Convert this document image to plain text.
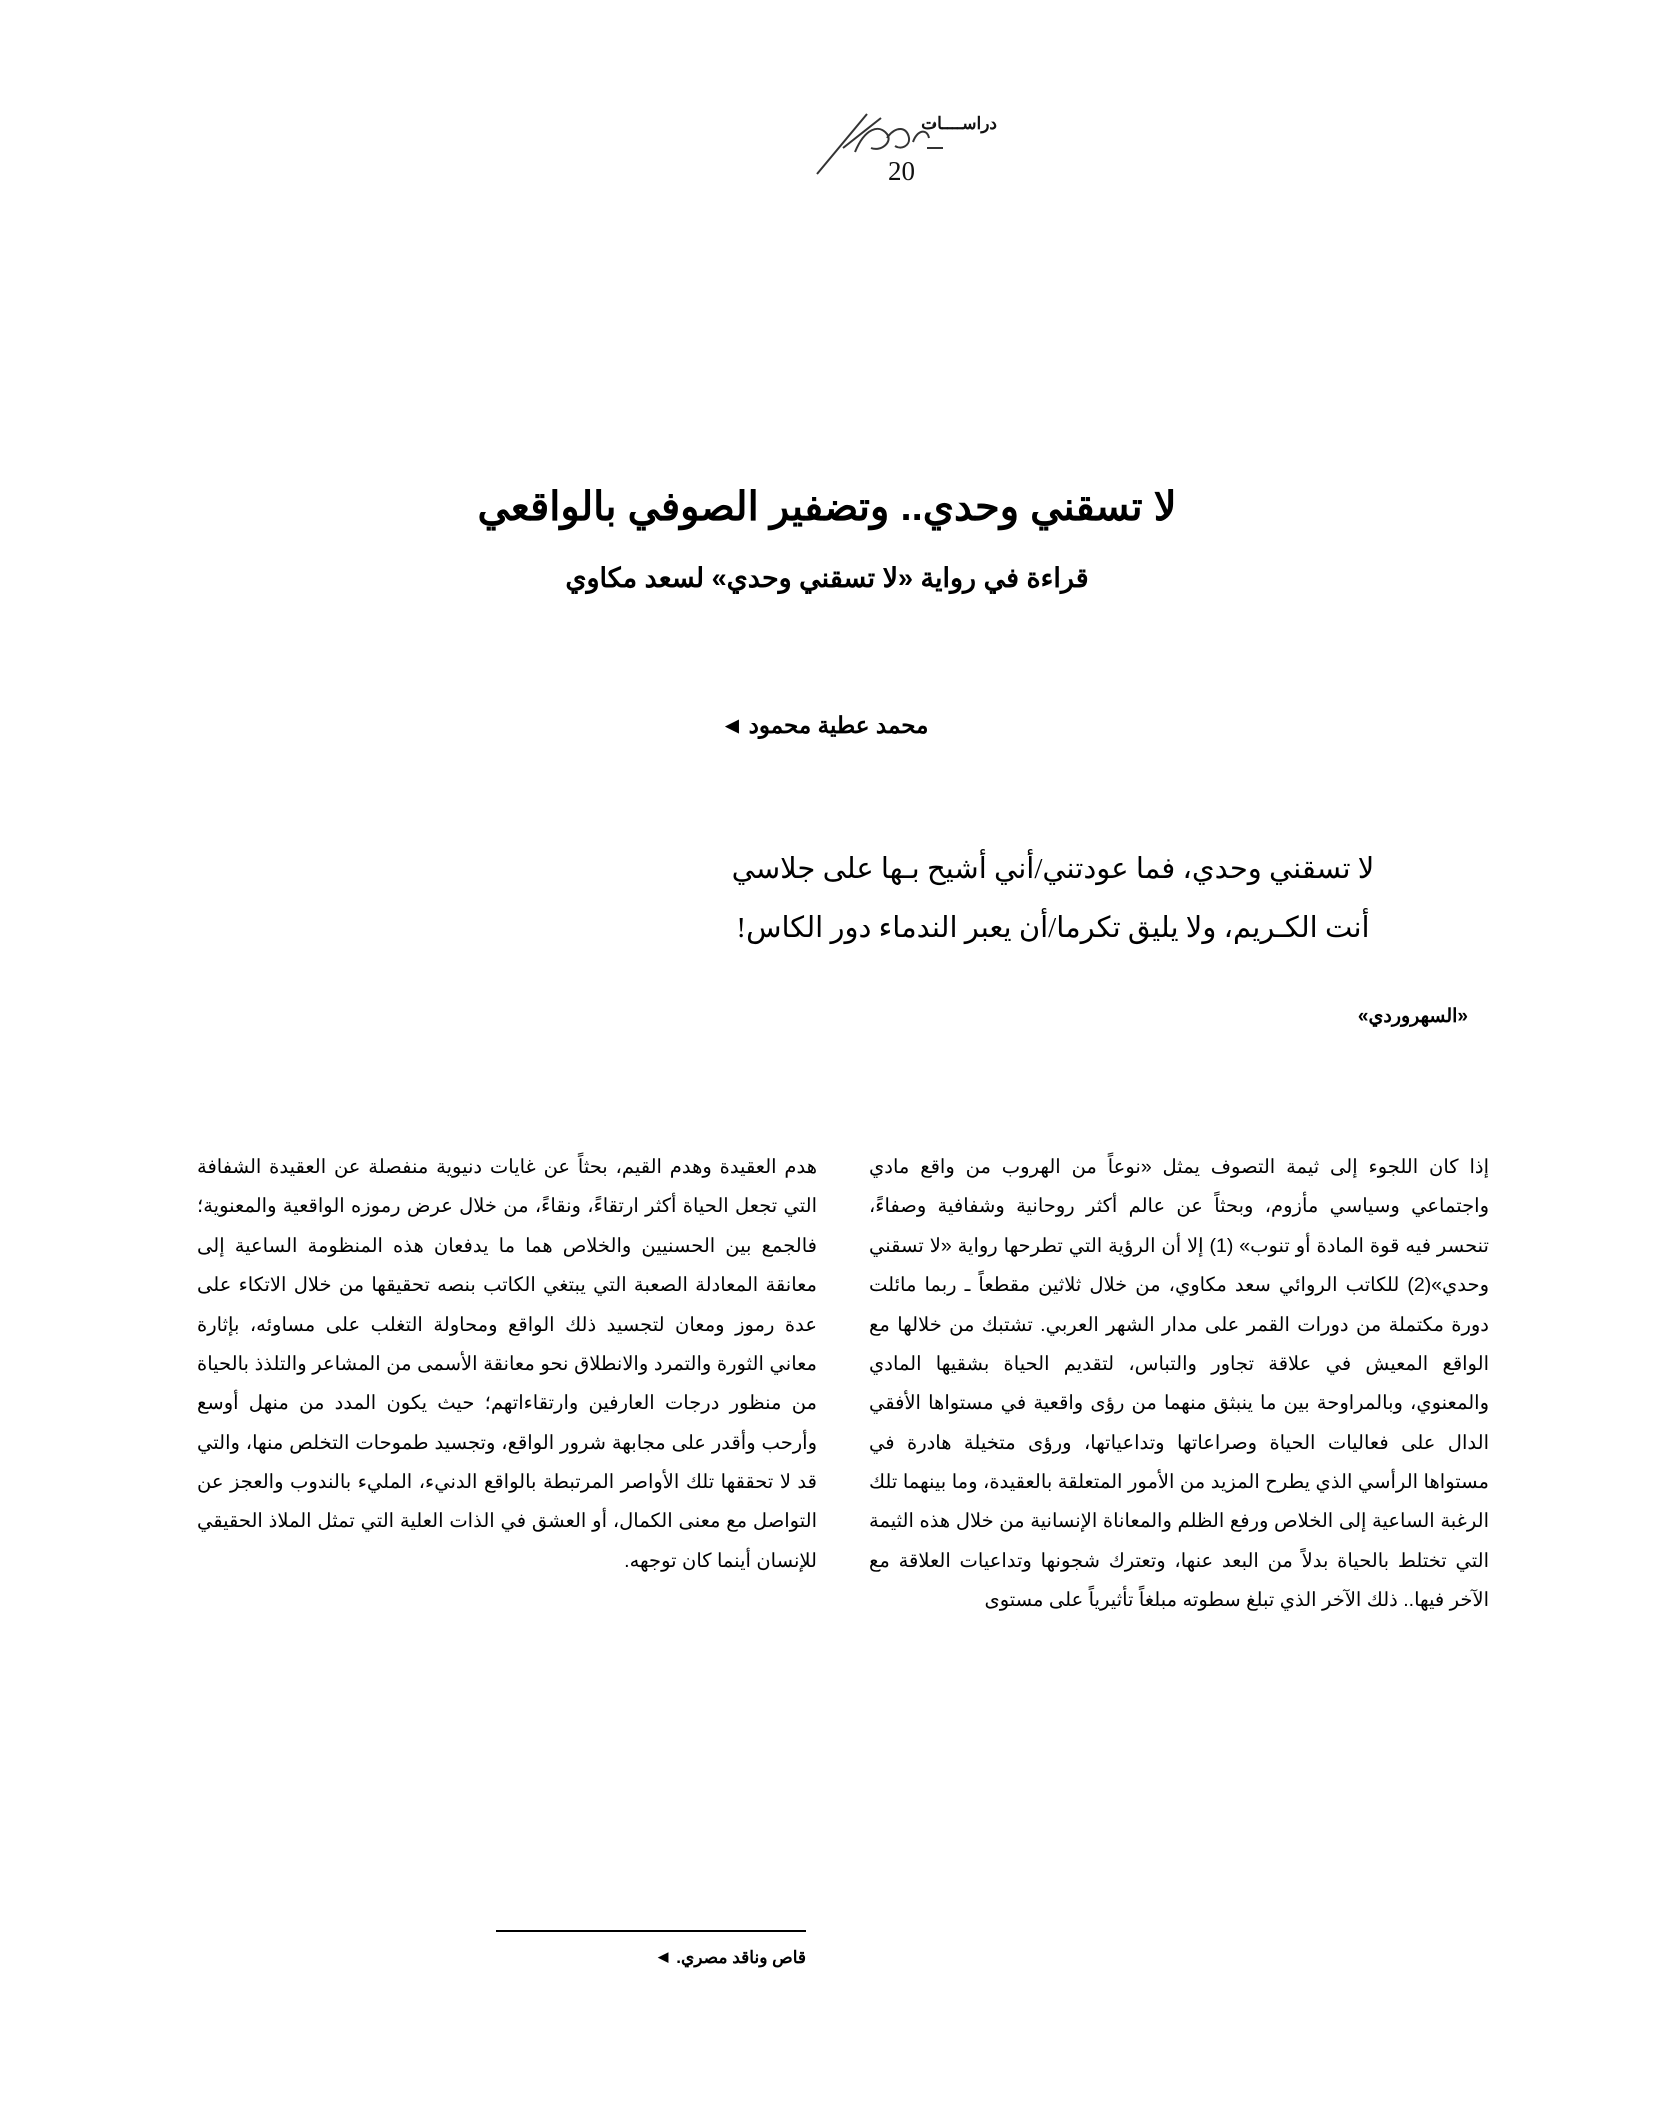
دراســــات
20
لا تسقني وحدي.. وتضفير الصوفي بالواقعي
قراءة في رواية «لا تسقني وحدي» لسعد مكاوي
محمد عطية محمود◀

لا تسقني وحدي، فما عودتني/أني أشيح بـها على جلاسي

أنت الكـريم، ولا يليق تكرما/أن يعبر الندماء دور الكاس!

«السهروردي»

إذا كان اللجوء إلى ثيمة التصوف يمثل «نوعاً من الهروب من واقع مادي واجتماعي وسياسي مأزوم، وبحثاً عن عالم أكثر روحانية وشفافية وصفاءً، تنحسر فيه قوة المادة أو تنوب» (1) إلا أن الرؤية التي تطرحها رواية «لا تسقني وحدي»(2) للكاتب الروائي سعد مكاوي، من خلال ثلاثين مقطعاً ـ ربما مائلت دورة مكتملة من دورات القمر على مدار الشهر العربي. تشتبك من خلالها مع الواقع المعيش في علاقة تجاور والتباس، لتقديم الحياة بشقيها المادي والمعنوي، وبالمراوحة بين ما ينبثق منهما من رؤى واقعية في مستواها الأفقي الدال على فعاليات الحياة وصراعاتها وتداعياتها، ورؤى متخيلة هادرة في مستواها الرأسي الذي يطرح المزيد من الأمور المتعلقة بالعقيدة، وما بينهما تلك الرغبة الساعية إلى الخلاص ورفع الظلم والمعاناة الإنسانية من خلال هذه الثيمة التي تختلط بالحياة بدلاً من البعد عنها، وتعترك شجونها وتداعيات العلاقة مع الآخر فيها.. ذلك الآخر الذي تبلغ سطوته مبلغاً تأثيرياً على مستوى

هدم العقيدة وهدم القيم، بحثاً عن غايات دنيوية منفصلة عن العقيدة الشفافة التي تجعل الحياة أكثر ارتقاءً، ونقاءً، من خلال عرض رموزه الواقعية والمعنوية؛ فالجمع بين الحسنيين والخلاص هما ما يدفعان هذه المنظومة الساعية إلى معانقة المعادلة الصعبة التي يبتغي الكاتب بنصه تحقيقها من خلال الاتكاء على عدة رموز ومعان لتجسيد ذلك الواقع ومحاولة التغلب على مساوئه، بإثارة معاني الثورة والتمرد والانطلاق نحو معانقة الأسمى من المشاعر والتلذذ بالحياة من منظور درجات العارفين وارتقاءاتهم؛ حيث يكون المدد من منهل أوسع وأرحب وأقدر على مجابهة شرور الواقع، وتجسيد طموحات التخلص منها، والتي قد لا تحققها تلك الأواصر المرتبطة بالواقع الدنيء، المليء بالندوب والعجز عن التواصل مع معنى الكمال، أو العشق في الذات العلية التي تمثل الملاذ الحقيقي للإنسان أينما كان توجهه.

قاص وناقد مصري.◀
